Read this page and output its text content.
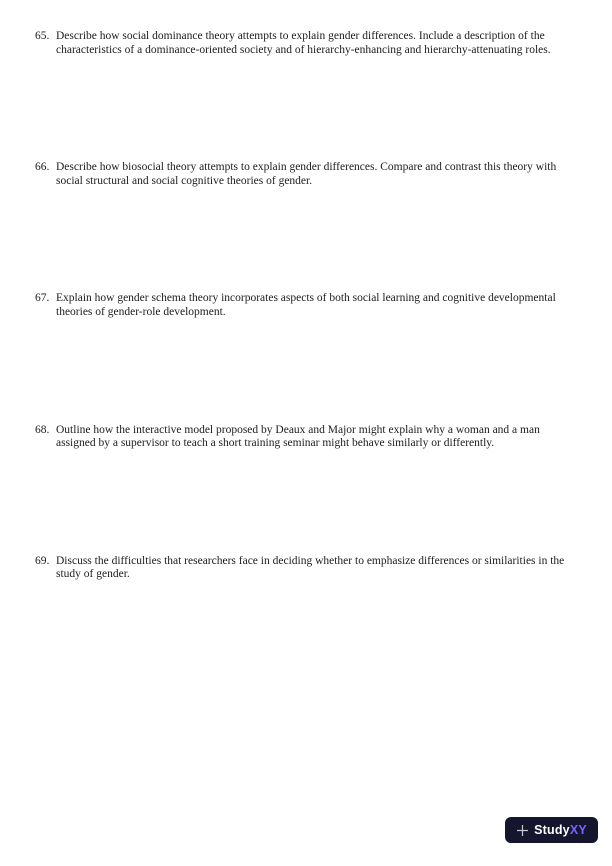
65. Describe how social dominance theory attempts to explain gender differences. Include a description of the characteristics of a dominance-oriented society and of hierarchy-enhancing and hierarchy-attenuating roles.
66. Describe how biosocial theory attempts to explain gender differences. Compare and contrast this theory with social structural and social cognitive theories of gender.
67. Explain how gender schema theory incorporates aspects of both social learning and cognitive developmental theories of gender-role development.
68. Outline how the interactive model proposed by Deaux and Major might explain why a woman and a man assigned by a supervisor to teach a short training seminar might behave similarly or differently.
69. Discuss the difficulties that researchers face in deciding whether to emphasize differences or similarities in the study of gender.
StudyXY
